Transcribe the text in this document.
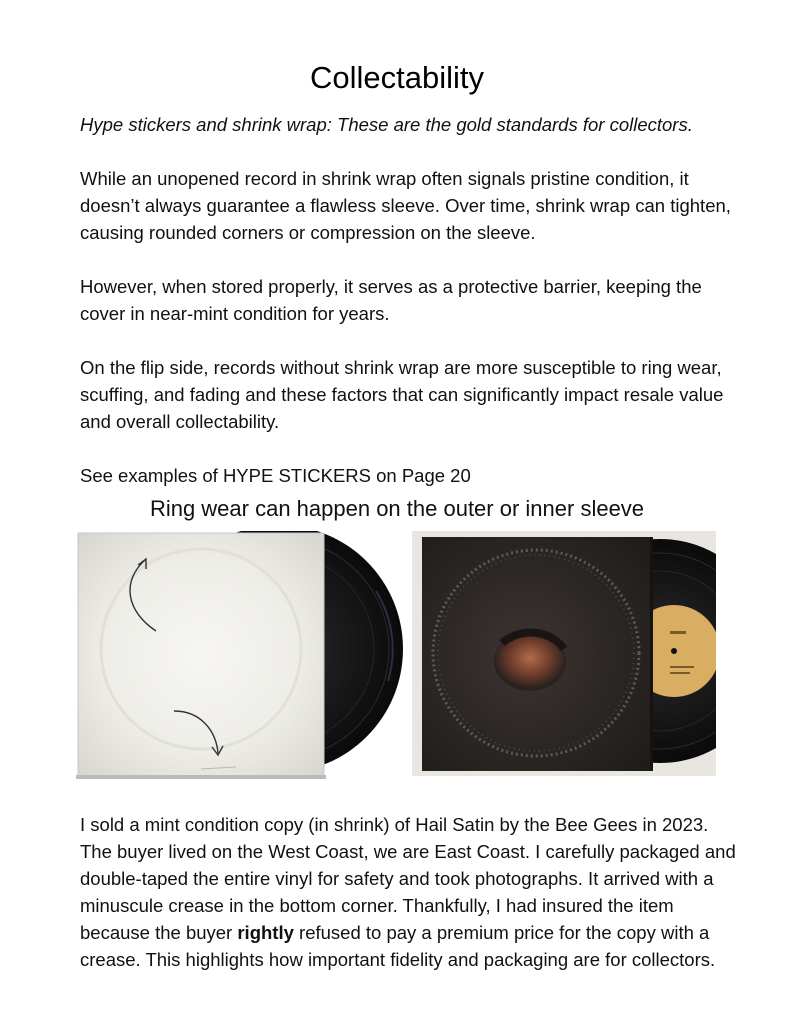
Collectability
Hype stickers and shrink wrap: These are the gold standards for collectors.

While an unopened record in shrink wrap often signals pristine condition, it doesn’t always guarantee a flawless sleeve. Over time, shrink wrap can tighten, causing rounded corners or compression on the sleeve.

However, when stored properly, it serves as a protective barrier, keeping the cover in near-mint condition for years.

On the flip side, records without shrink wrap are more susceptible to ring wear, scuffing, and fading and these factors that can significantly impact resale value and overall collectability.

See examples of HYPE STICKERS on Page 20

Ring wear can happen on the outer or inner sleeve

I sold a mint condition copy (in shrink) of Hail Satin by the Bee Gees in 2023. The buyer lived on the West Coast, we are East Coast. I carefully packaged and double-taped the entire vinyl for safety and took photographs. It arrived with a minuscule crease in the bottom corner. Thankfully, I had insured the item because the buyer rightly refused to pay a premium price for the copy with a crease. This highlights how important fidelity and packaging are for collectors.
